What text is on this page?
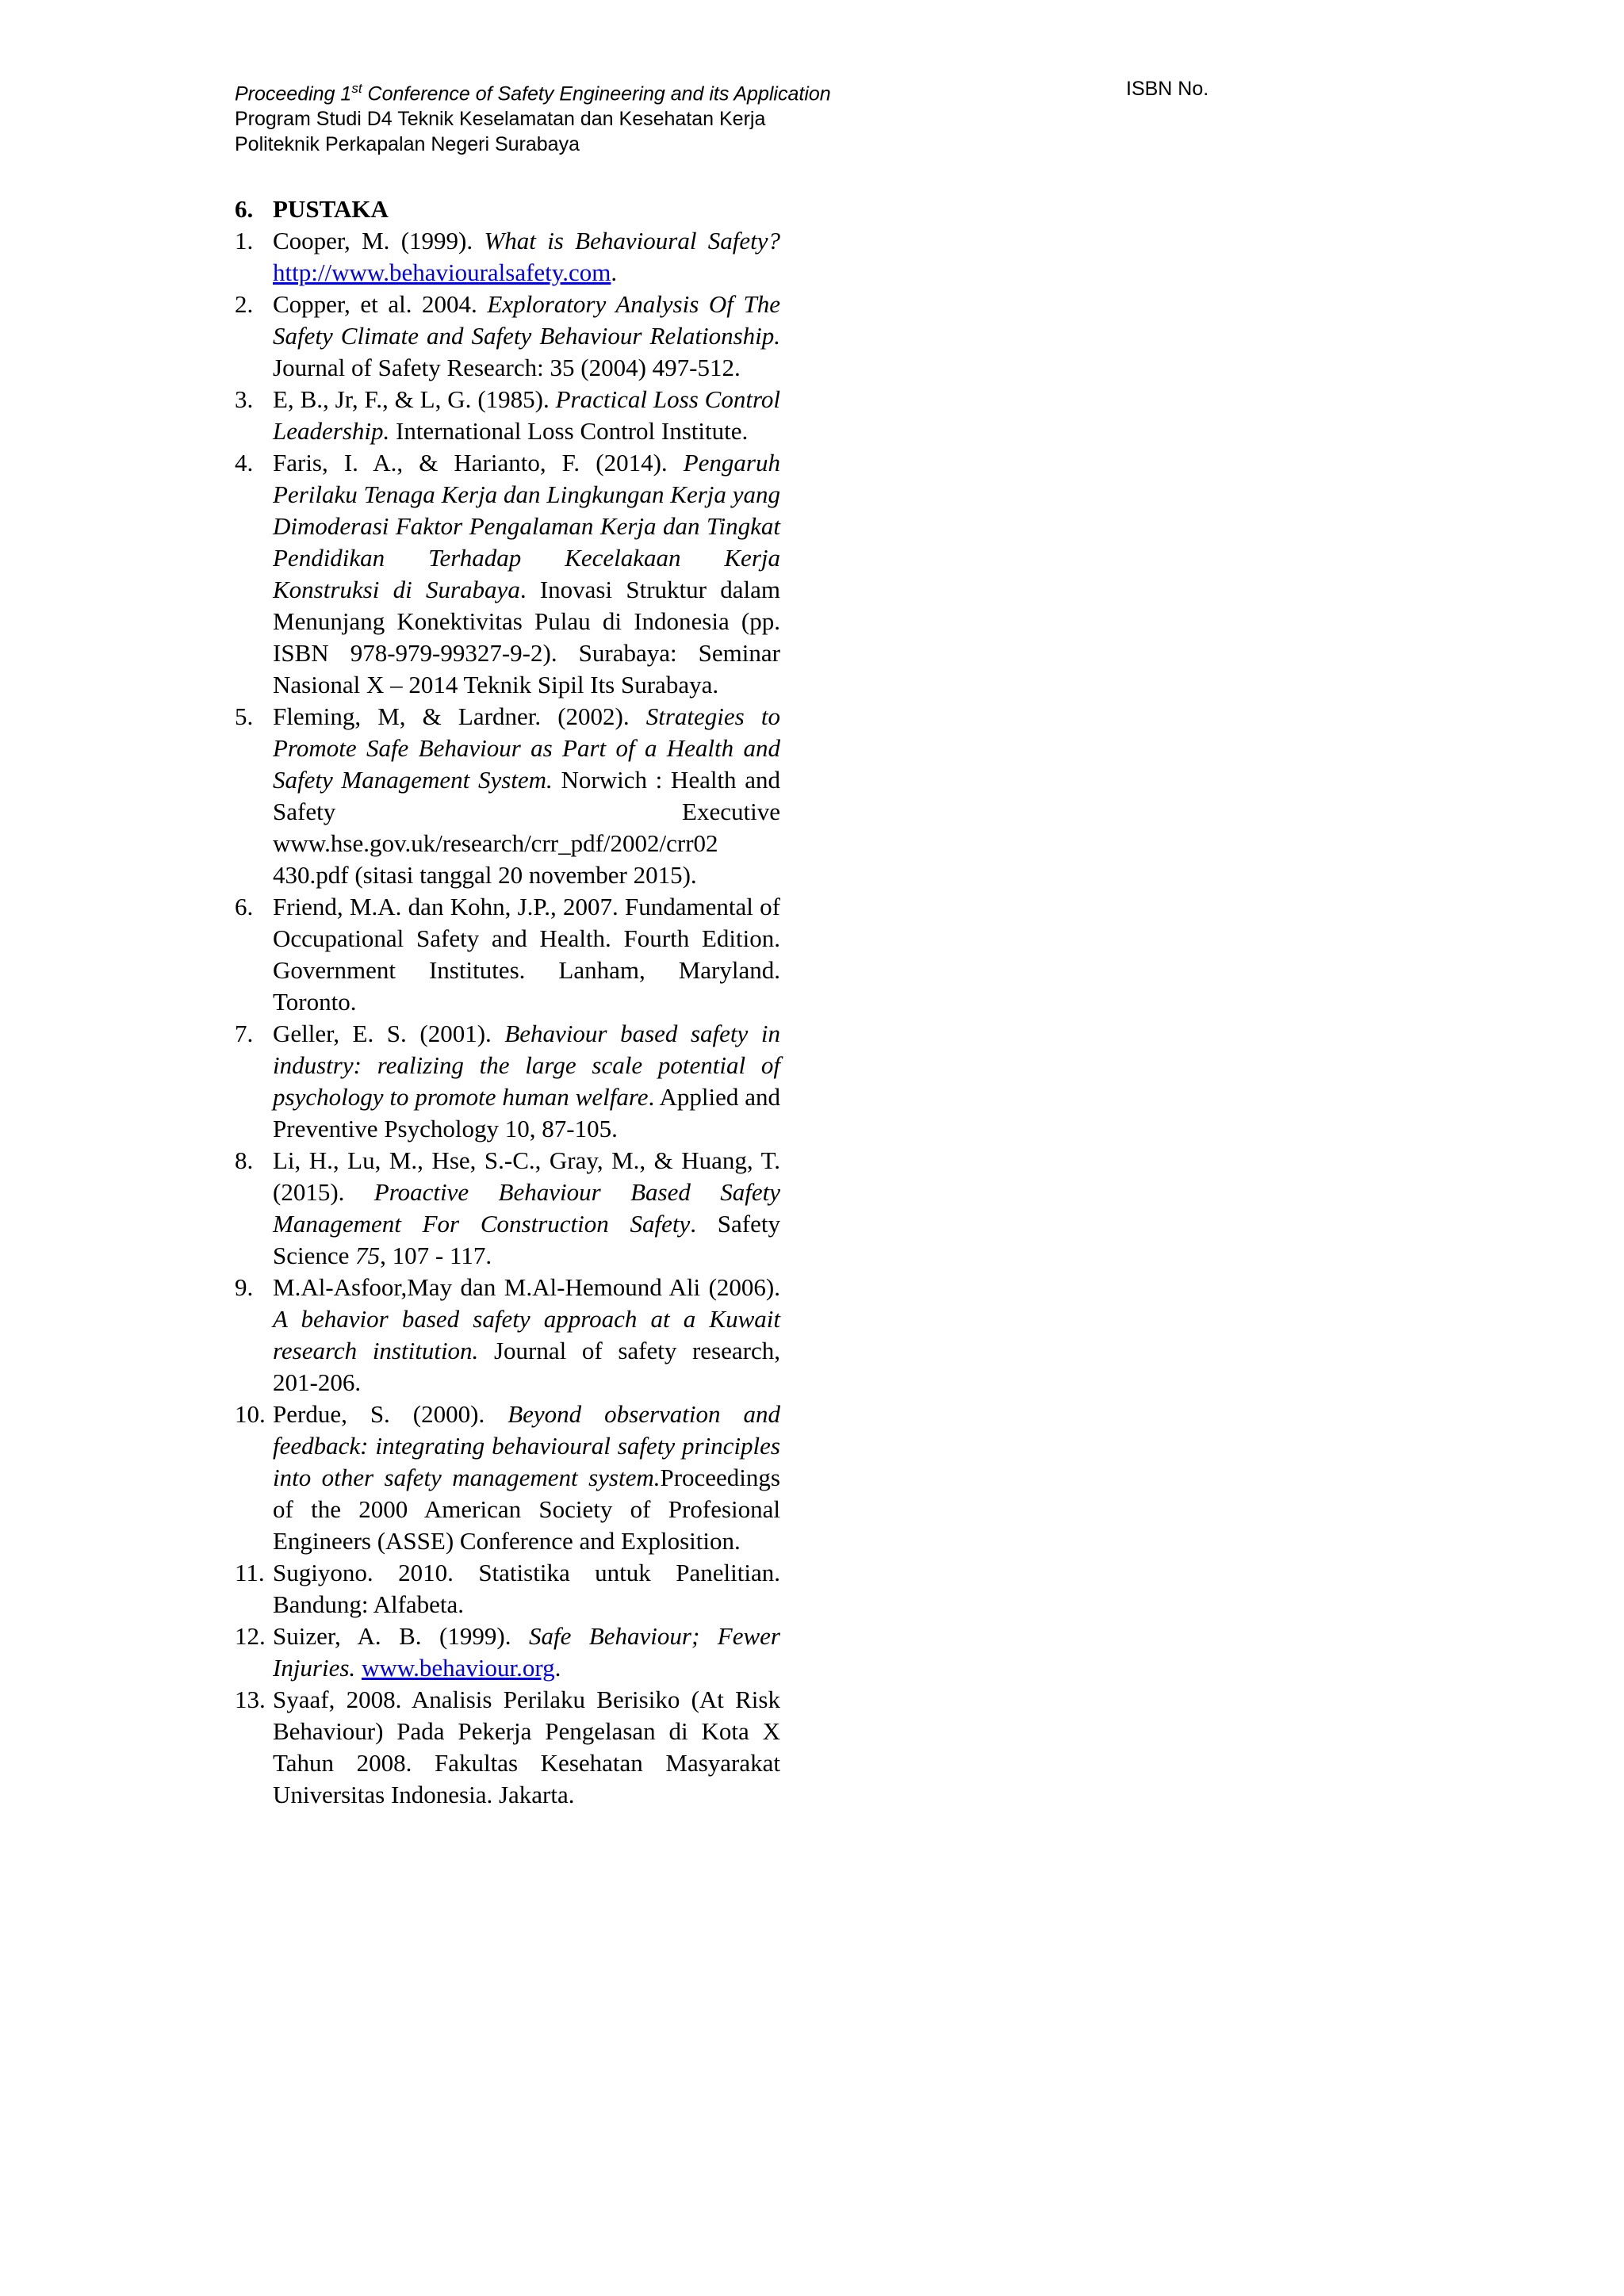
Proceeding 1st Conference of Safety Engineering and its Application
Program Studi D4 Teknik Keselamatan dan Kesehatan Kerja
Politeknik Perkapalan Negeri Surabaya
ISBN No.
6. PUSTAKA
1. Cooper, M. (1999). What is Behavioural Safety? http://www.behaviouralsafety.com.
2. Copper, et al. 2004. Exploratory Analysis Of The Safety Climate and Safety Behaviour Relationship. Journal of Safety Research: 35 (2004) 497-512.
3. E, B., Jr, F., & L, G. (1985). Practical Loss Control Leadership. International Loss Control Institute.
4. Faris, I. A., & Harianto, F. (2014). Pengaruh Perilaku Tenaga Kerja dan Lingkungan Kerja yang Dimoderasi Faktor Pengalaman Kerja dan Tingkat Pendidikan Terhadap Kecelakaan Kerja Konstruksi di Surabaya. Inovasi Struktur dalam Menunjang Konektivitas Pulau di Indonesia (pp. ISBN 978-979-99327-9-2). Surabaya: Seminar Nasional X – 2014 Teknik Sipil Its Surabaya.
5. Fleming, M, & Lardner. (2002). Strategies to Promote Safe Behaviour as Part of a Health and Safety Management System. Norwich : Health and Safety Executive www.hse.gov.uk/research/crr_pdf/2002/crr02 430.pdf (sitasi tanggal 20 november 2015).
6. Friend, M.A. dan Kohn, J.P., 2007. Fundamental of Occupational Safety and Health. Fourth Edition. Government Institutes. Lanham, Maryland. Toronto.
7. Geller, E. S. (2001). Behaviour based safety in industry: realizing the large scale potential of psychology to promote human welfare. Applied and Preventive Psychology 10, 87-105.
8. Li, H., Lu, M., Hse, S.-C., Gray, M., & Huang, T. (2015). Proactive Behaviour Based Safety Management For Construction Safety. Safety Science 75, 107 - 117.
9. M.Al-Asfoor,May dan M.Al-Hemound Ali (2006). A behavior based safety approach at a Kuwait research institution. Journal of safety research, 201-206.
10. Perdue, S. (2000). Beyond observation and feedback: integrating behavioural safety principles into other safety management system.Proceedings of the 2000 American Society of Profesional Engineers (ASSE) Conference and Explosition.
11. Sugiyono. 2010. Statistika untuk Panelitian. Bandung: Alfabeta.
12. Suizer, A. B. (1999). Safe Behaviour; Fewer Injuries. www.behaviour.org.
13. Syaaf, 2008. Analisis Perilaku Berisiko (At Risk Behaviour) Pada Pekerja Pengelasan di Kota X Tahun 2008. Fakultas Kesehatan Masyarakat Universitas Indonesia. Jakarta.
